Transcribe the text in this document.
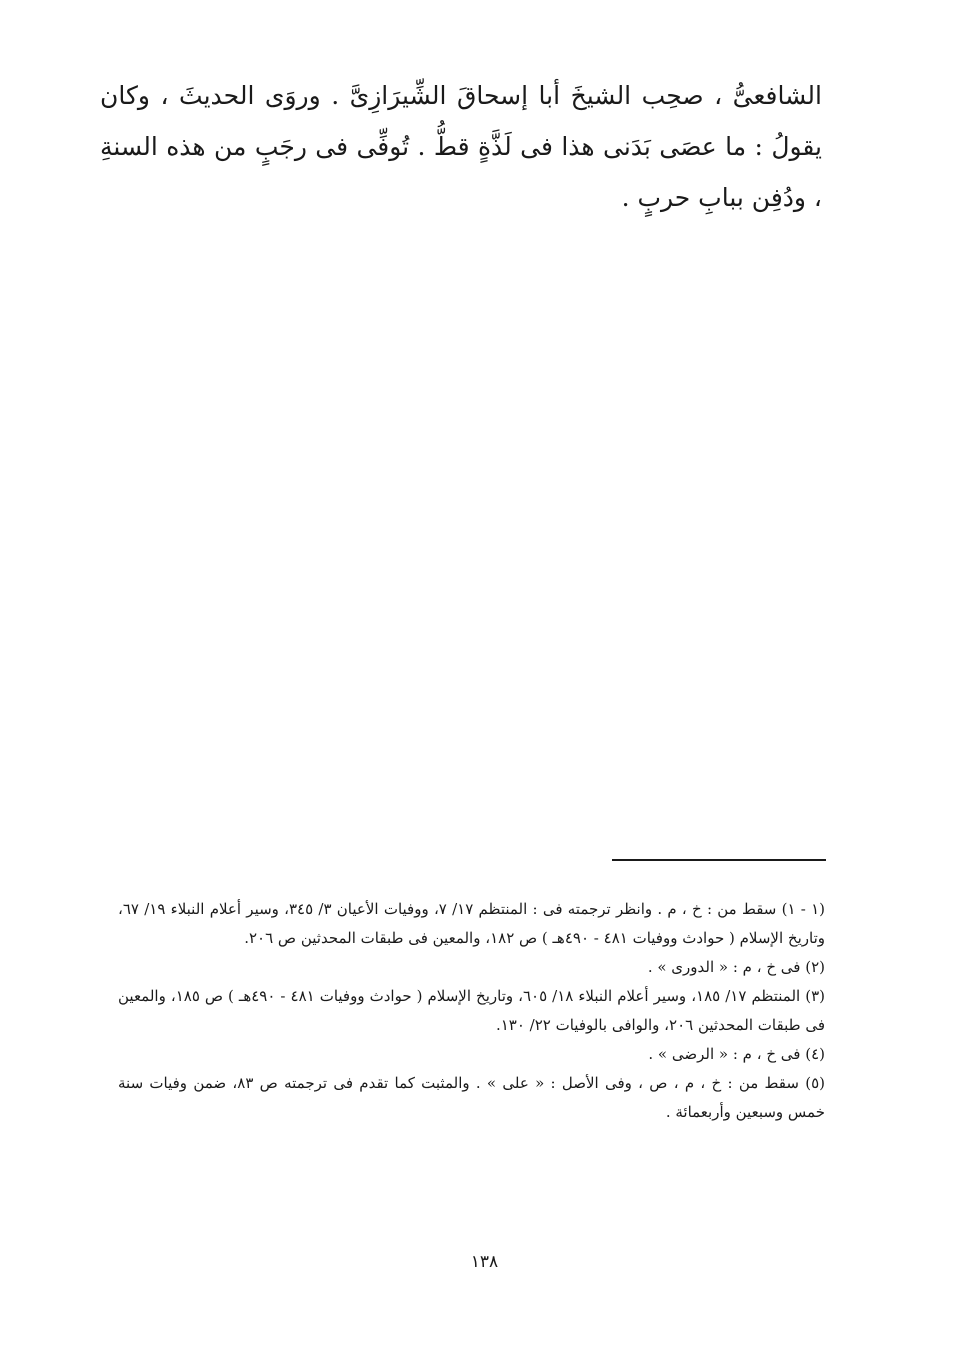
الشافعىُّ ، صحِب الشيخَ أبا إسحاقَ الشِّيرَازِىَّ . وروَى الحديثَ ، وكان يقولُ : ما عصَى بَدَنى هذا فى لَذَّةٍ قطُّ . تُوفِّى فى رجَبٍ من هذه السنةِ ، ودُفِن ببابِ حربٍ .

(١ - ١) سقط من : خ ، م . وانظر ترجمته فى : المنتظم ١٧/ ٧، ووفيات الأعيان ٣/ ٣٤٥، وسير أعلام النبلاء ١٩/ ٦٧، وتاريخ الإسلام ( حوادث ووفيات ٤٨١ - ٤٩٠هـ ) ص ١٨٢، والمعين فى طبقات المحدثين ص ٢٠٦.

(٢) فى خ ، م : « الدورى » .

(٣) المنتظم ١٧/ ١٨٥، وسير أعلام النبلاء ١٨/ ٦٠٥، وتاريخ الإسلام ( حوادث ووفيات ٤٨١ - ٤٩٠هـ ) ص ١٨٥، والمعين فى طبقات المحدثين ٢٠٦، والوافى بالوفيات ٢٢/ ١٣٠.

(٤) فى خ ، م : « الرضى » .

(٥) سقط من : خ ، م ، ص ، وفى الأصل : « على » . والمثبت كما تقدم فى ترجمته ص ٨٣، ضمن وفيات سنة خمس وسبعين وأربعمائة .

١٣٨
